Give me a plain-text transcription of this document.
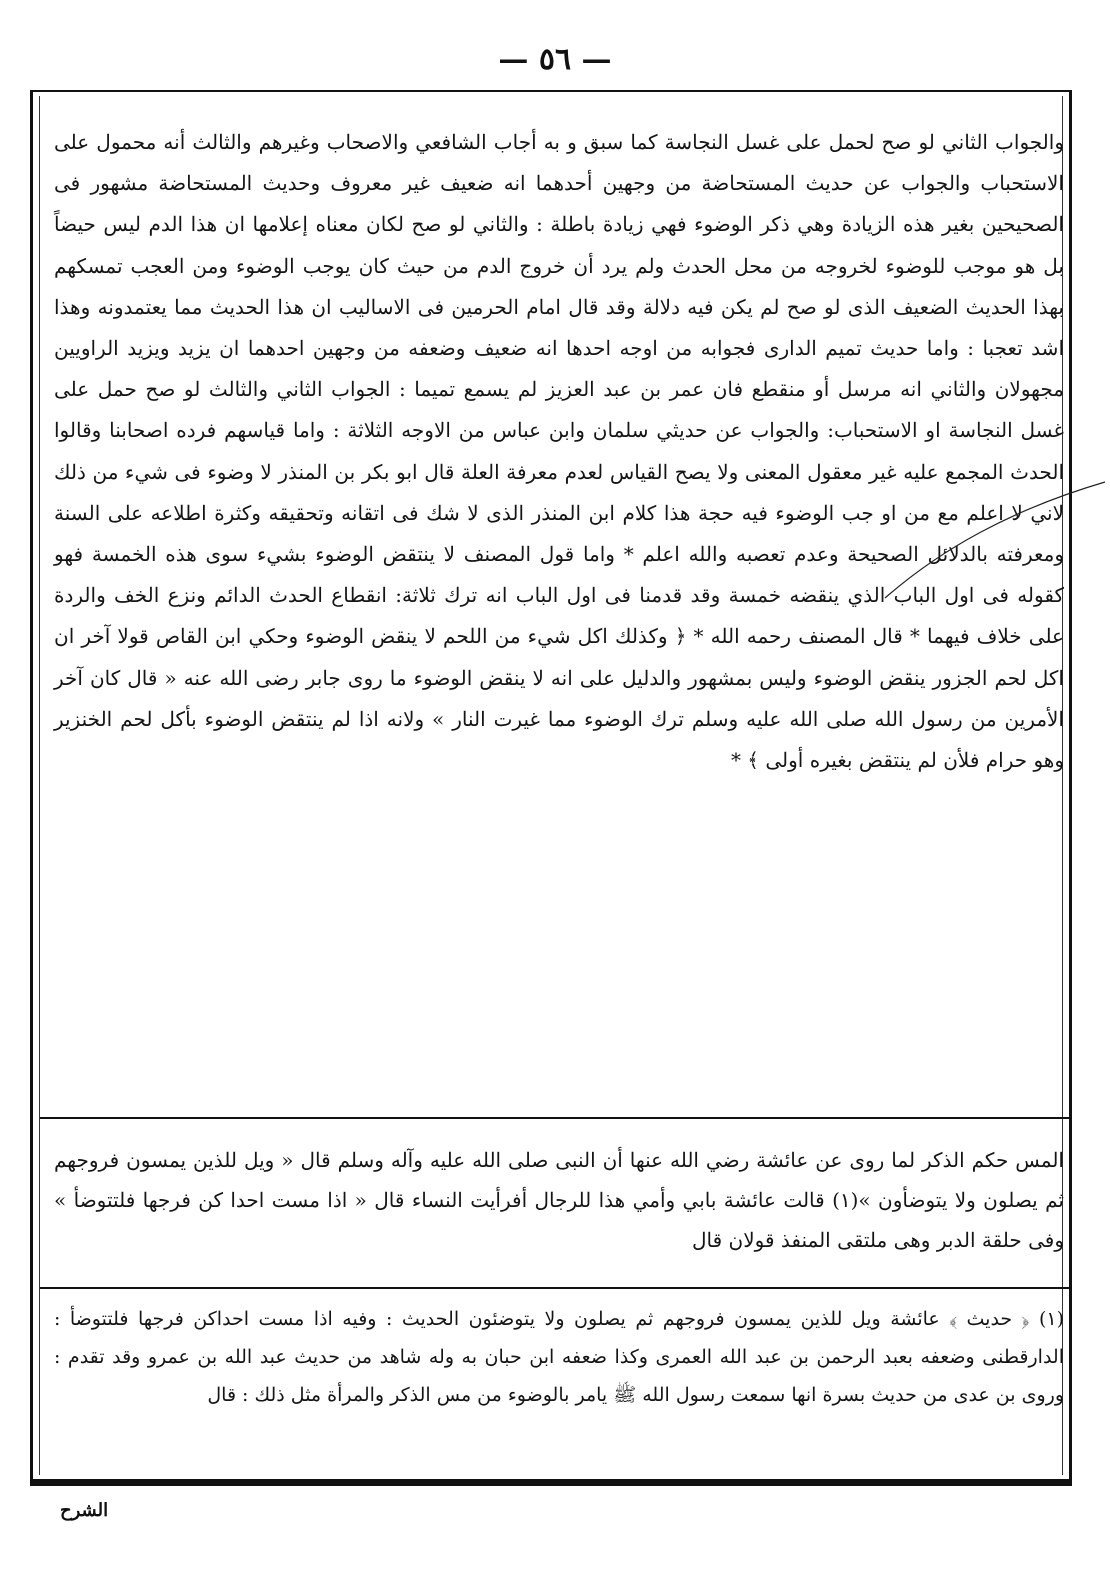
— ٥٦ —

والجواب الثاني لو صح لحمل على غسل النجاسة كما سبق و به أجاب الشافعي والاصحاب وغيرهم والثالث أنه محمول على الاستحباب والجواب عن حديث المستحاضة من وجهين أحدهما انه ضعيف غير معروف وحديث المستحاضة مشهور فى الصحيحين بغير هذه الزيادة وهي ذكر الوضوء فهي زيادة باطلة : والثاني لو صح لكان معناه إعلامها ان هذا الدم ليس حيضاً بل هو موجب للوضوء لخروجه من محل الحدث ولم يرد أن خروج الدم من حيث كان يوجب الوضوء ومن العجب تمسكهم بهذا الحديث الضعيف الذى لو صح لم يكن فيه دلالة وقد قال امام الحرمين فى الاساليب ان هذا الحديث مما يعتمدونه وهذا اشد تعجبا : واما حديث تميم الدارى فجوابه من اوجه احدها انه ضعيف وضعفه من وجهين احدهما ان يزيد ويزيد الراويين مجهولان والثاني انه مرسل أو منقطع فان عمر بن عبد العزيز لم يسمع تميما : الجواب الثاني والثالث لو صح حمل على غسل النجاسة او الاستحباب: والجواب عن حديثي سلمان وابن عباس من الاوجه الثلاثة : واما قياسهم فرده اصحابنا وقالوا الحدث المجمع عليه غير معقول المعنى ولا يصح القياس لعدم معرفة العلة قال ابو بكر بن المنذر لا وضوء فى شيء من ذلك لاني لا اعلم مع من او جب الوضوء فيه حجة هذا كلام ابن المنذر الذى لا شك فى اتقانه وتحقيقه وكثرة اطلاعه على السنة ومعرفته بالدلائل الصحيحة وعدم تعصبه والله اعلم * واما قول المصنف لا ينتقض الوضوء بشيء سوى هذه الخمسة فهو كقوله فى اول الباب الذي ينقضه خمسة وقد قدمنا فى اول الباب انه ترك ثلاثة: انقطاع الحدث الدائم ونزع الخف والردة على خلاف فيهما * قال المصنف رحمه الله * ﴿ وكذلك اكل شيء من اللحم لا ينقض الوضوء وحكي ابن القاص قولا آخر ان اكل لحم الجزور ينقض الوضوء وليس بمشهور والدليل على انه لا ينقض الوضوء ما روى جابر رضى الله عنه « قال كان آخر الأمرين من رسول الله صلى الله عليه وسلم ترك الوضوء مما غيرت النار » ولانه اذا لم ينتقض الوضوء بأكل لحم الخنزير وهو حرام فلأن لم ينتقض بغيره أولى ﴾ *

المس حكم الذكر لما روى عن عائشة رضي الله عنها أن النبى صلى الله عليه وآله وسلم قال « ويل للذين يمسون فروجهم ثم يصلون ولا يتوضأون »(١) قالت عائشة بابي وأمي هذا للرجال أفرأيت النساء قال « اذا مست احدا كن فرجها فلتتوضأ » وفى حلقة الدبر وهى ملتقى المنفذ قولان قال

(١) ﴿ حديث ﴾ عائشة ويل للذين يمسون فروجهم ثم يصلون ولا يتوضئون الحديث : وفيه اذا مست احداكن فرجها فلتتوضأ : الدارقطنى وضعفه بعبد الرحمن بن عبد الله العمرى وكذا ضعفه ابن حبان به وله شاهد من حديث عبد الله بن عمرو وقد تقدم : وروى بن عدى من حديث بسرة انها سمعت رسول الله ﷺ يامر بالوضوء من مس الذكر والمرأة مثل ذلك : قال

الشرح
